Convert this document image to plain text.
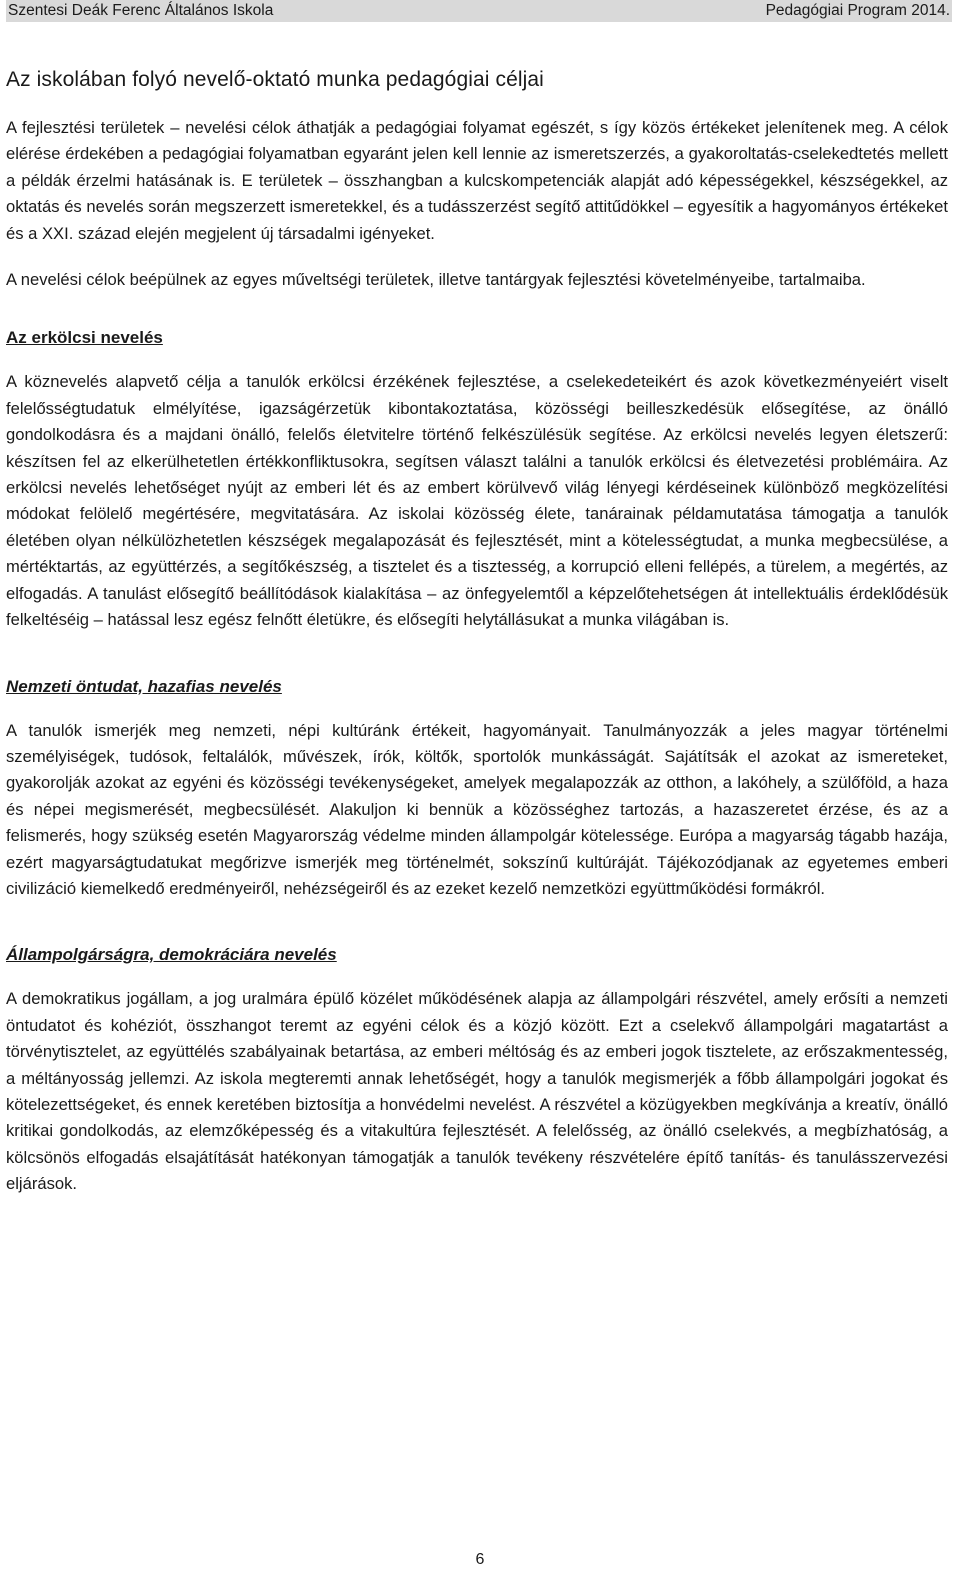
Szentesi Deák Ferenc Általános Iskola	Pedagógiai Program 2014.
Az iskolában folyó nevelő-oktató munka pedagógiai céljai

A fejlesztési területek – nevelési célok áthatják a pedagógiai folyamat egészét, s így közös értékeket jelenítenek meg. A célok elérése érdekében a pedagógiai folyamatban egyaránt jelen kell lennie az ismeretszerzés, a gyakoroltatás-cselekedtetés mellett a példák érzelmi hatásának is. E területek – összhangban a kulcskompetenciák alapját adó képességekkel, készségekkel, az oktatás és nevelés során megszerzett ismeretekkel, és a tudásszerzést segítő attitűdökkel – egyesítik a hagyományos értékeket és a XXI. század elején megjelent új társadalmi igényeket.

A nevelési célok beépülnek az egyes műveltségi területek, illetve tantárgyak fejlesztési követelményeibe, tartalmaiba.

Az erkölcsi nevelés

A köznevelés alapvető célja a tanulók erkölcsi érzékének fejlesztése, a cselekedeteikért és azok következményeiért viselt felelősségtudatuk elmélyítése, igazságérzetük kibontakoztatása, közösségi beilleszkedésük elősegítése, az önálló gondolkodásra és a majdani önálló, felelős életvitelre történő felkészülésük segítése. Az erkölcsi nevelés legyen életszerű: készítsen fel az elkerülhetetlen értékkonfliktusokra, segítsen választ találni a tanulók erkölcsi és életvezetési problémáira. Az erkölcsi nevelés lehetőséget nyújt az emberi lét és az embert körülvevő világ lényegi kérdéseinek különböző megközelítési módokat felölelő megértésére, megvitatására. Az iskolai közösség élete, tanárainak példamutatása támogatja a tanulók életében olyan nélkülözhetetlen készségek megalapozását és fejlesztését, mint a kötelességtudat, a munka megbecsülése, a mértéktartás, az együttérzés, a segítőkészség, a tisztelet és a tisztesség, a korrupció elleni fellépés, a türelem, a megértés, az elfogadás. A tanulást elősegítő beállítódások kialakítása – az önfegyelemtől a képzelőtehetségen át intellektuális érdeklődésük felkeltéséig – hatással lesz egész felnőtt életükre, és elősegíti helytállásukat a munka világában is.

Nemzeti öntudat, hazafias nevelés

A tanulók ismerjék meg nemzeti, népi kultúránk értékeit, hagyományait. Tanulmányozzák a jeles magyar történelmi személyiségek, tudósok, feltalálók, művészek, írók, költők, sportolók munkásságát. Sajátítsák el azokat az ismereteket, gyakorolják azokat az egyéni és közösségi tevékenységeket, amelyek megalapozzák az otthon, a lakóhely, a szülőföld, a haza és népei megismerését, megbecsülését. Alakuljon ki bennük a közösséghez tartozás, a hazaszeretet érzése, és az a felismerés, hogy szükség esetén Magyarország védelme minden állampolgár kötelessége. Európa a magyarság tágabb hazája, ezért magyarságtudatukat megőrizve ismerjék meg történelmét, sokszínű kultúráját. Tájékozódjanak az egyetemes emberi civilizáció kiemelkedő eredményeiről, nehézségeiről és az ezeket kezelő nemzetközi együttműködési formákról.

Állampolgárságra, demokráciára nevelés

A demokratikus jogállam, a jog uralmára épülő közélet működésének alapja az állampolgári részvétel, amely erősíti a nemzeti öntudatot és kohéziót, összhangot teremt az egyéni célok és a közjó között. Ezt a cselekvő állampolgári magatartást a törvénytisztelet, az együttélés szabályainak betartása, az emberi méltóság és az emberi jogok tisztelete, az erőszakmentesség, a méltányosság jellemzi. Az iskola megteremti annak lehetőségét, hogy a tanulók megismerjék a főbb állampolgári jogokat és kötelezettségeket, és ennek keretében biztosítja a honvédelmi nevelést. A részvétel a közügyekben megkívánja a kreatív, önálló kritikai gondolkodás, az elemzőképesség és a vitakultúra fejlesztését. A felelősség, az önálló cselekvés, a megbízhatóság, a kölcsönös elfogadás elsajátítását hatékonyan támogatják a tanulók tevékeny részvételére építő tanítás- és tanulásszervezési eljárások.

6
